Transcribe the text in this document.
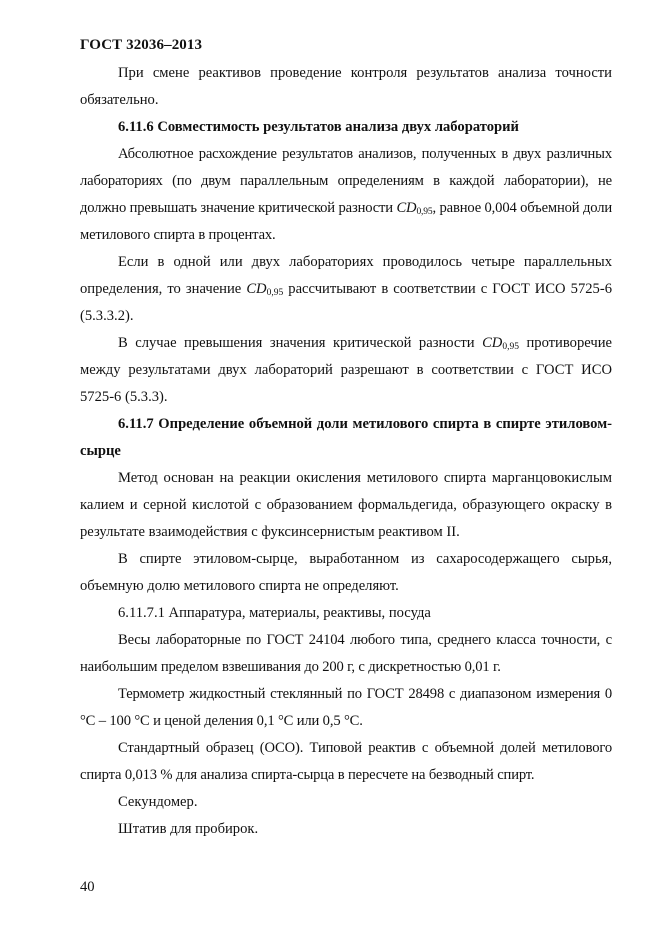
ГОСТ 32036–2013

При смене реактивов проведение контроля результатов анализа точности обязательно.

6.11.6 Совместимость результатов анализа двух лабораторий

Абсолютное расхождение результатов анализов, полученных в двух различных лабораториях (по двум параллельным определениям в каждой лаборатории), не должно превышать значение критической разности $CD_{0,95}$, равное 0,004 объемной доли метилового спирта в процентах.

Если в одной или двух лабораториях проводилось четыре параллельных определения, то значение $CD_{0,95}$ рассчитывают в соответствии с ГОСТ ИСО 5725-6 (5.3.3.2).

В случае превышения значения критической разности $CD_{0,95}$ противоречие между результатами двух лабораторий разрешают в соответствии с ГОСТ ИСО 5725-6 (5.3.3).

6.11.7 Определение объемной доли метилового спирта в спирте этиловом-сырце

Метод основан на реакции окисления метилового спирта марганцовокислым калием и серной кислотой с образованием формальдегида, образующего окраску в результате взаимодействия с фуксинсернистым реактивом II.

В спирте этиловом-сырце, выработанном из сахаросодержащего сырья, объемную долю метилового спирта не определяют.

6.11.7.1 Аппаратура, материалы, реактивы, посуда

Весы лабораторные по ГОСТ 24104 любого типа, среднего класса точности, с наибольшим пределом взвешивания до 200 г, с дискретностью 0,01 г.

Термометр жидкостный стеклянный по ГОСТ 28498 с диапазоном измерения 0 °С – 100 °С и ценой деления 0,1 °С или 0,5 °С.

Стандартный образец (ОСО). Типовой реактив с объемной долей метилового спирта 0,013 % для анализа спирта-сырца в пересчете на безводный спирт.

Секундомер.

Штатив для пробирок.

40
